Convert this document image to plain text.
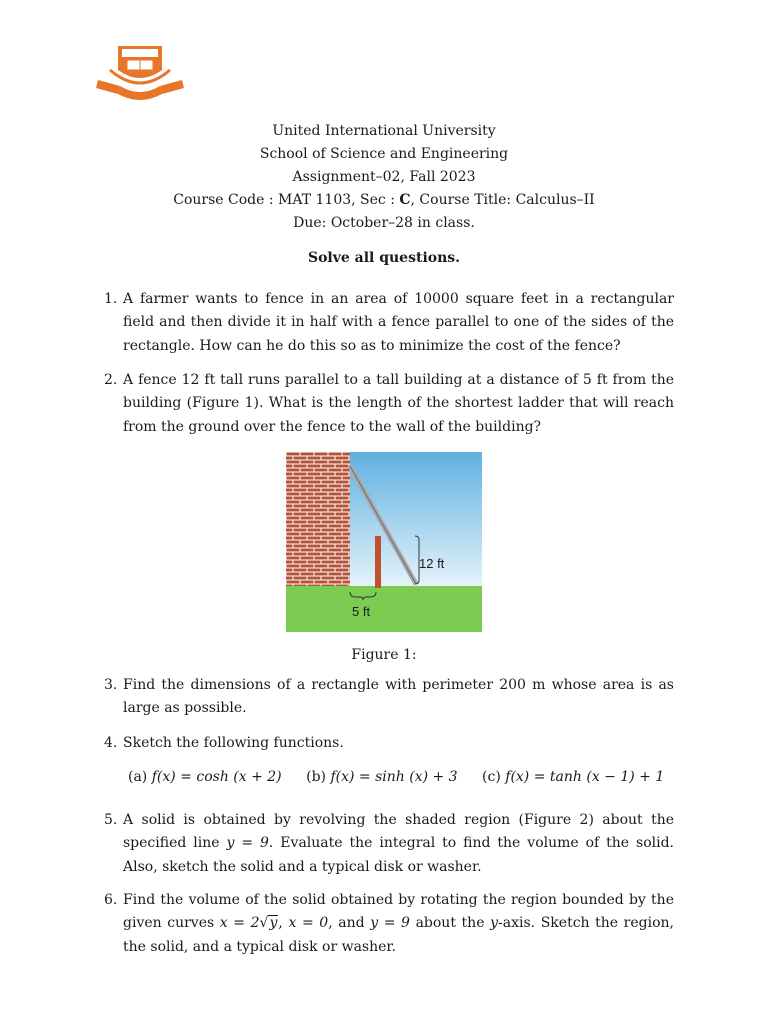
United International University
School of Science and Engineering
Assignment–02, Fall 2023
Course Code : MAT 1103, Sec : C, Course Title: Calculus–II
Due: October–28 in class.
Solve all questions.
1. A farmer wants to fence in an area of 10000 square feet in a rectangular field and then divide it in half with a fence parallel to one of the sides of the rectangle. How can he do this so as to minimize the cost of the fence?
2. A fence 12 ft tall runs parallel to a tall building at a distance of 5 ft from the building (Figure 1). What is the length of the shortest ladder that will reach from the ground over the fence to the wall of the building?
12 ft
5 ft
Figure 1:
3. Find the dimensions of a rectangle with perimeter 200 m whose area is as large as possible.
4. Sketch the following functions.
(a) f(x) = cosh (x + 2) (b) f(x) = sinh (x) + 3 (c) f(x) = tanh (x − 1) + 1
5. A solid is obtained by revolving the shaded region (Figure 2) about the specified line y = 9. Evaluate the integral to find the volume of the solid. Also, sketch the solid and a typical disk or washer.
6. Find the volume of the solid obtained by rotating the region bounded by the given curves x = 2√y, x = 0, and y = 9 about the y-axis. Sketch the region, the solid, and a typical disk or washer.
